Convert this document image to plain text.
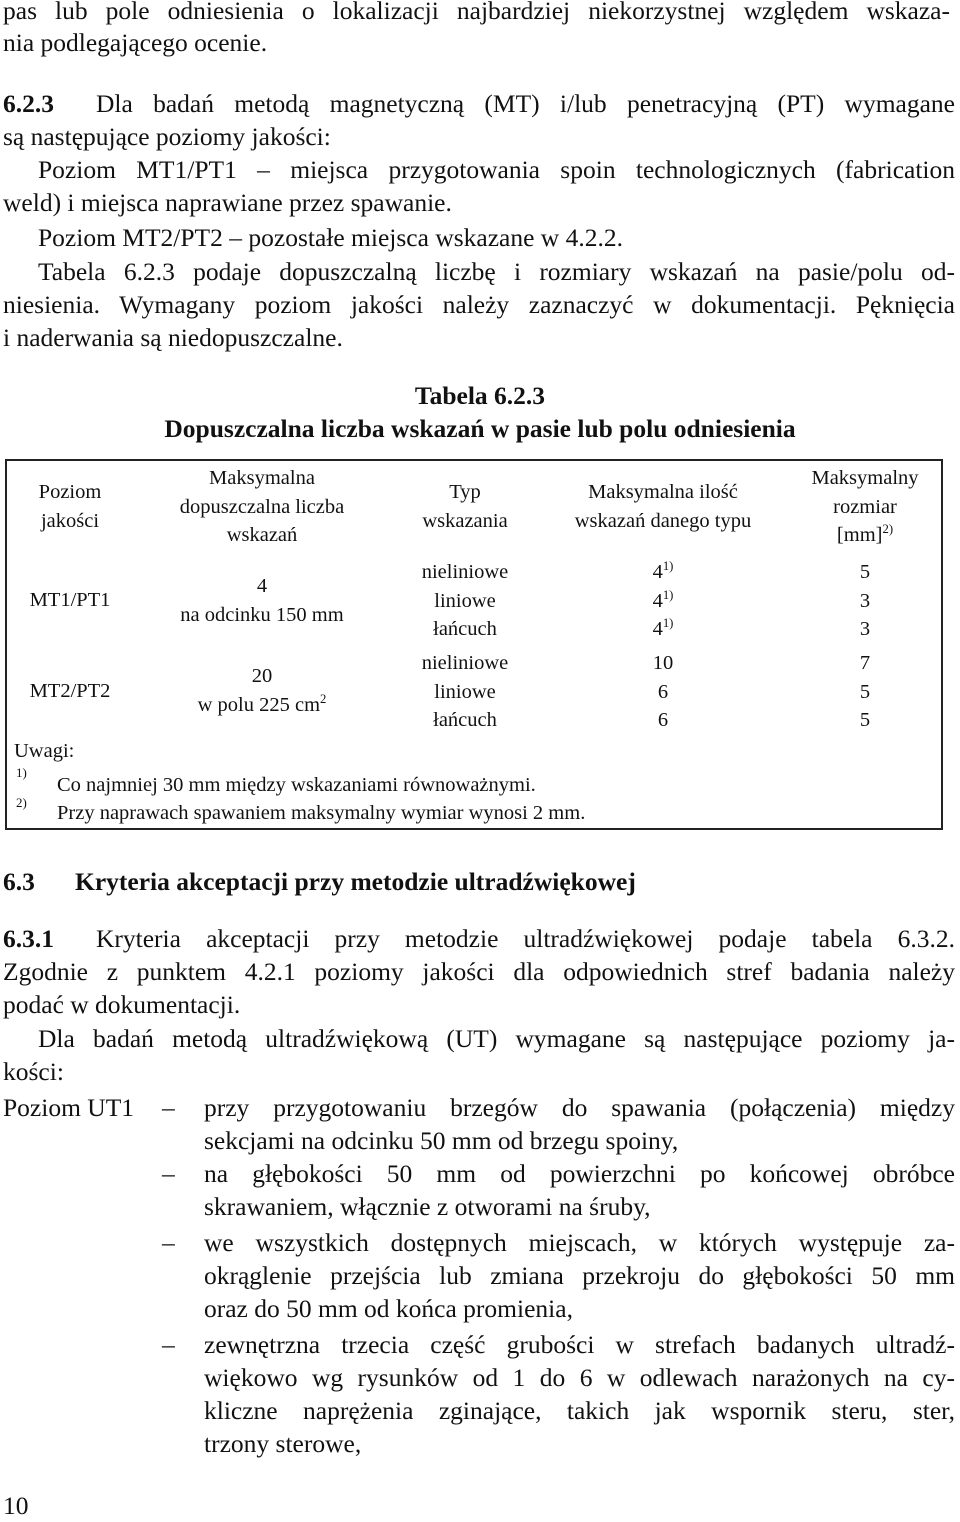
pas lub pole odniesienia o lokalizacji najbardziej niekorzystnej względem wskaza-
nia podlegającego ocenie.
6.2.3 Dla badań metodą magnetyczną (MT) i/lub penetracyjną (PT) wymagane
są następujące poziomy jakości:
Poziom MT1/PT1 – miejsca przygotowania spoin technologicznych (fabrication
weld) i miejsca naprawiane przez spawanie.
Poziom MT2/PT2 – pozostałe miejsca wskazane w 4.2.2.
Tabela 6.2.3 podaje dopuszczalną liczbę i rozmiary wskazań na pasie/polu od-
niesienia. Wymagany poziom jakości należy zaznaczyć w dokumentacji. Pęknięcia
i naderwania są niedopuszczalne.
Tabela 6.2.3
Dopuszczalna liczba wskazań w pasie lub polu odniesienia
Poziom
jakości
Maksymalna
dopuszczalna liczba
wskazań
Typ
wskazania
Maksymalna ilość
wskazań danego typu
Maksymalny
rozmiar
[mm]$^{2)}$
MT1/PT1
4
na odcinku 150 mm
nieliniowe
liniowe
łańcuch
4$^{1)}$
4$^{1)}$
4$^{1)}$
5
3
3
MT2/PT2
20
w polu 225 $cm^2$
nieliniowe
liniowe
łańcuch
10
6
6
7
5
5
Uwagi:
1)
Co najmniej 30 mm między wskazaniami równoważnymi.
2) Przy naprawach spawaniem maksymalny wymiar wynosi 2 mm.
6.3 Kryteria akceptacji przy metodzie ultradźwiękowej
6.3.1 Kryteria akceptacji przy metodzie ultradźwiękowej podaje tabela 6.3.2.
Zgodnie z punktem 4.2.1 poziomy jakości dla odpowiednich stref badania należy
podać w dokumentacji.
Dla badań metodą ultradźwiękową (UT) wymagane są następujące poziomy ja-
kości:
Poziom UT1 – przy przygotowaniu brzegów do spawania (połączenia) między
sekcjami na odcinku 50 mm od brzegu spoiny,
– na głębokości 50 mm od powierzchni po końcowej obróbce
skrawaniem, włącznie z otworami na śruby,
– we wszystkich dostępnych miejscach, w których występuje za-
okrąglenie przejścia lub zmiana przekroju do głębokości 50 mm
oraz do 50 mm od końca promienia,
– zewnętrzna trzecia część grubości w strefach badanych ultradź-
więkowo wg rysunków od 1 do 6 w odlewach narażonych na cy-
kliczne naprężenia zginające, takich jak wspornik steru, ster,
trzony sterowe,
10
